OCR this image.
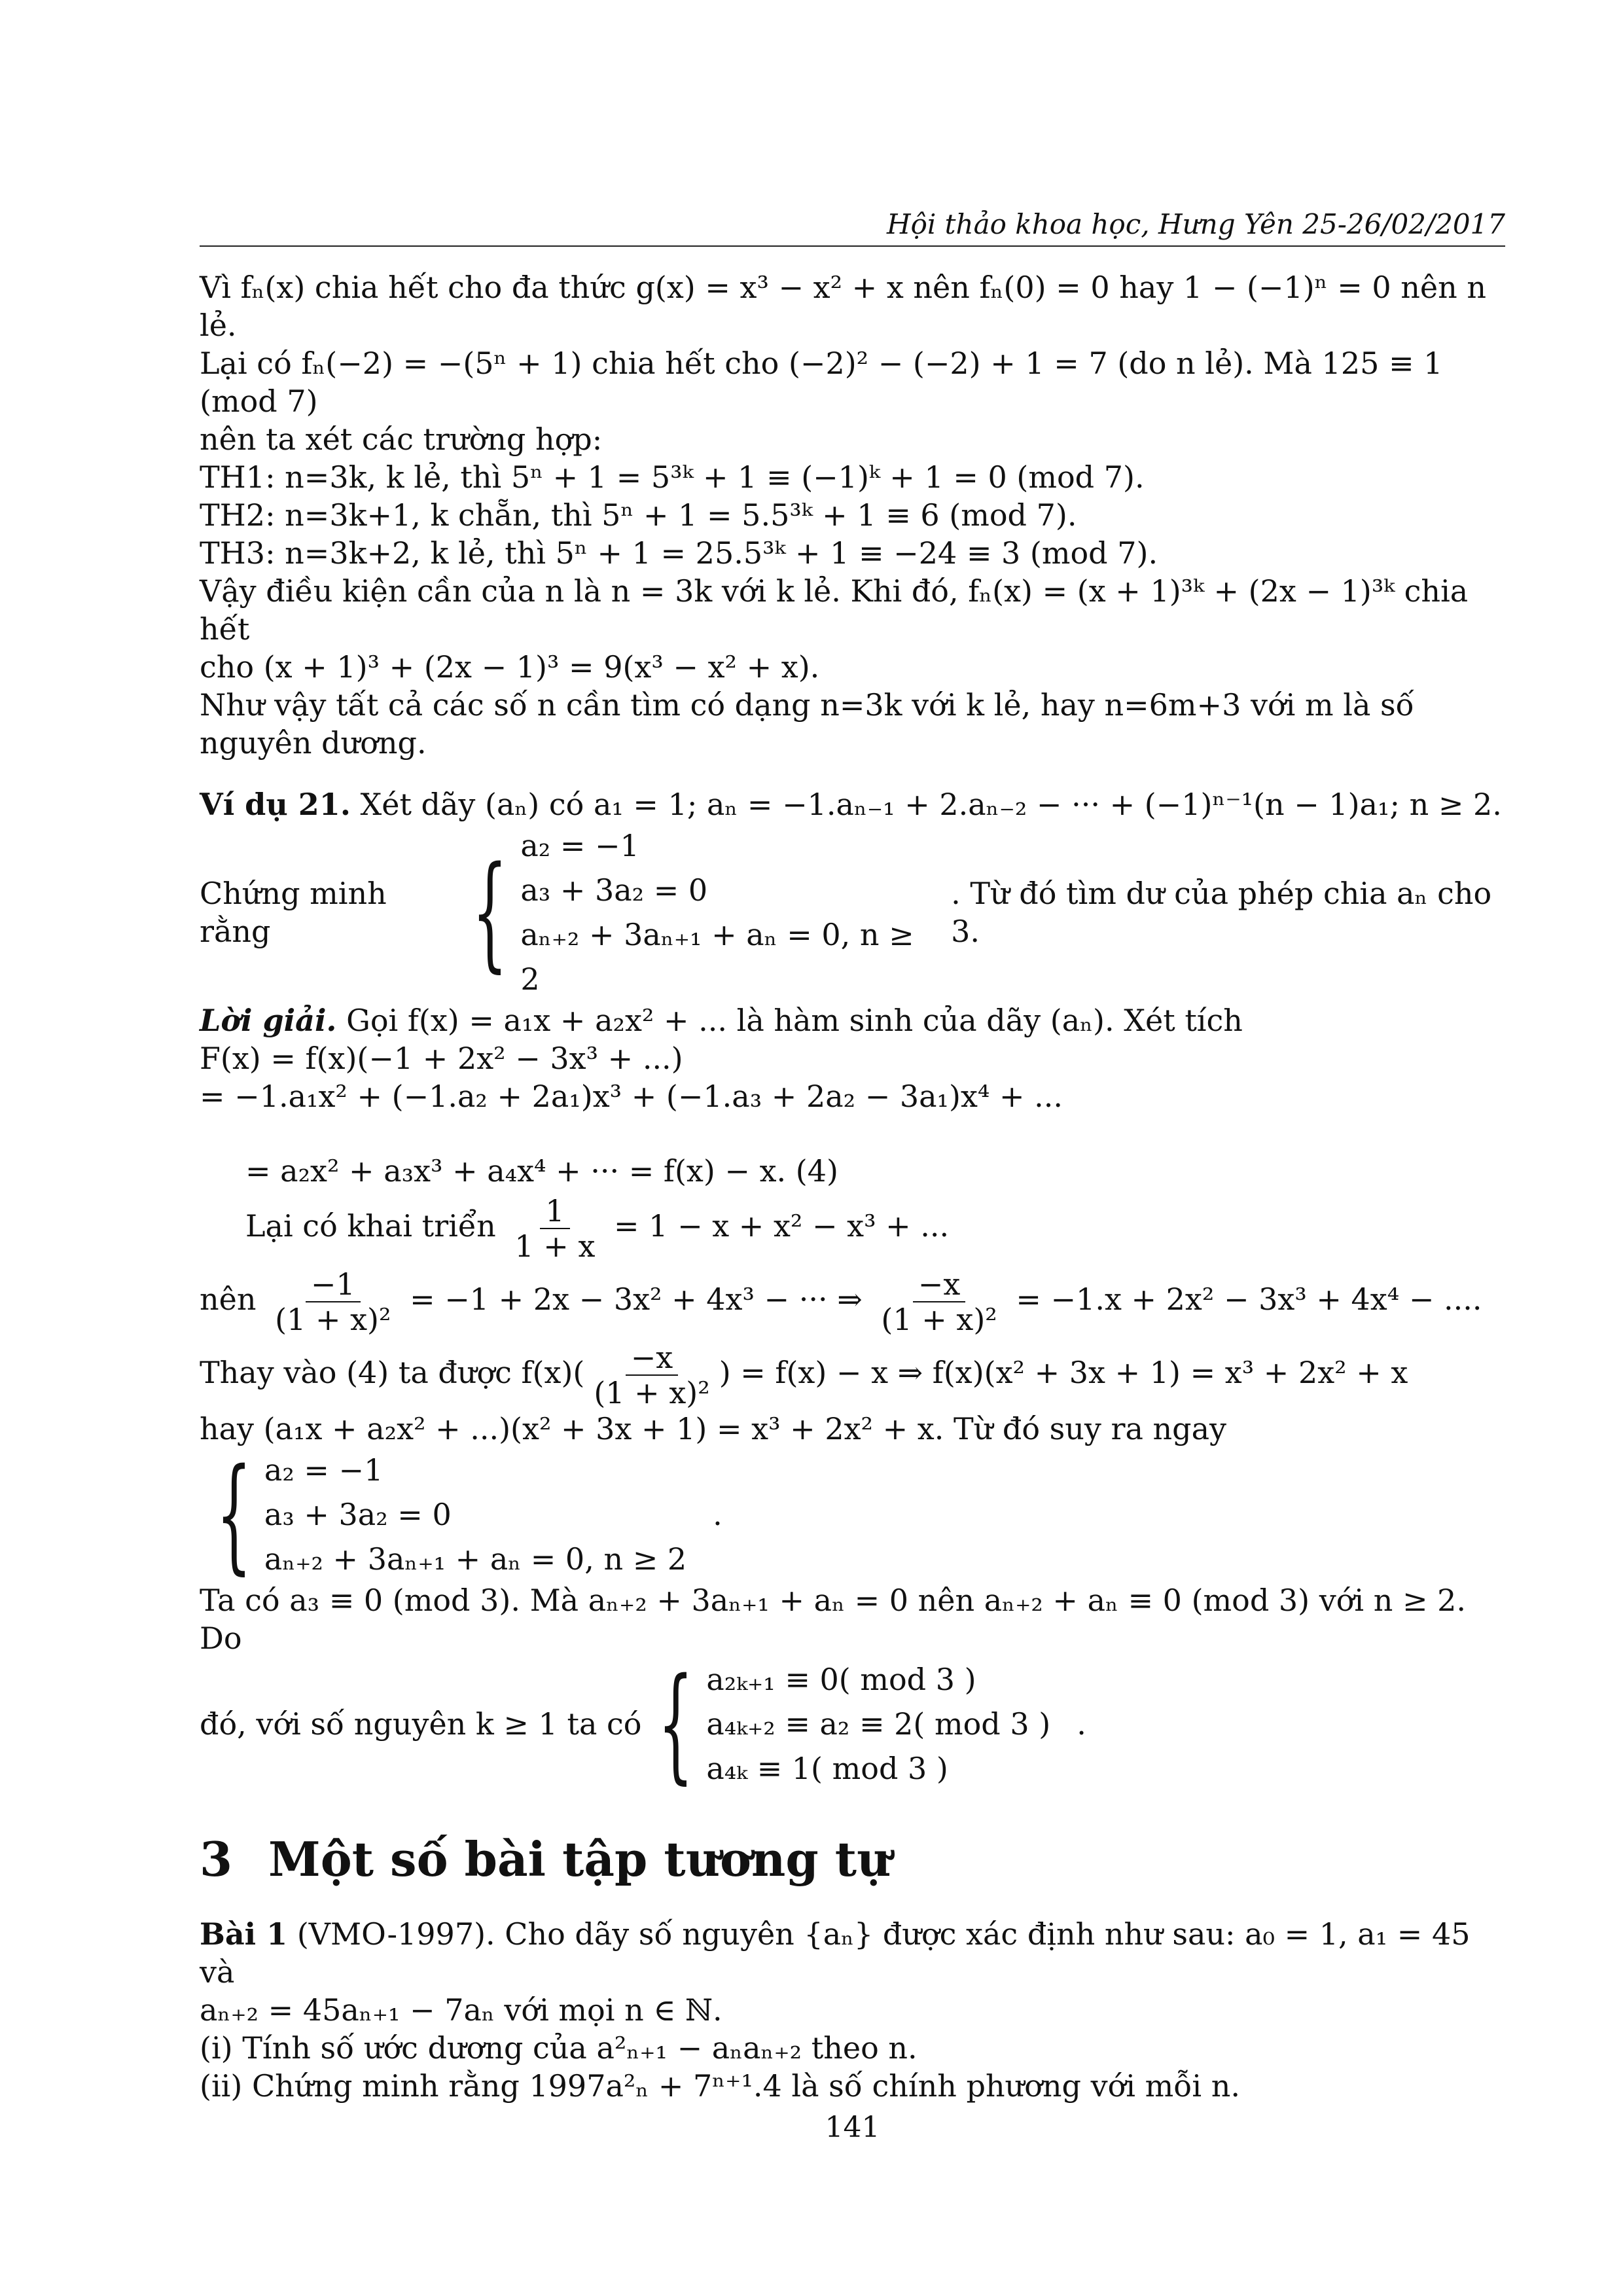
Hội thảo khoa học, Hưng Yên 25-26/02/2017

Vì fₙ(x) chia hết cho đa thức g(x) = x³ − x² + x nên fₙ(0) = 0 hay 1 − (−1)ⁿ = 0 nên n lẻ.

Lại có fₙ(−2) = −(5ⁿ + 1) chia hết cho (−2)² − (−2) + 1 = 7 (do n lẻ). Mà 125 ≡ 1 (mod 7)

nên ta xét các trường hợp:

TH1: n=3k, k lẻ, thì 5ⁿ + 1 = 5³ᵏ + 1 ≡ (−1)ᵏ + 1 = 0 (mod 7).

TH2: n=3k+1, k chẵn, thì 5ⁿ + 1 = 5.5³ᵏ + 1 ≡ 6 (mod 7).

TH3: n=3k+2, k lẻ, thì 5ⁿ + 1 = 25.5³ᵏ + 1 ≡ −24 ≡ 3 (mod 7).

Vậy điều kiện cần của n là n = 3k với k lẻ. Khi đó, fₙ(x) = (x + 1)³ᵏ + (2x − 1)³ᵏ chia hết

cho (x + 1)³ + (2x − 1)³ = 9(x³ − x² + x).

Như vậy tất cả các số n cần tìm có dạng n=3k với k lẻ, hay n=6m+3 với m là số nguyên dương.

Ví dụ 21. Xét dãy (aₙ) có a₁ = 1; aₙ = −1.aₙ₋₁ + 2.aₙ₋₂ − ··· + (−1)ⁿ⁻¹(n − 1)a₁; n ≥ 2.

Chứng minh rằng	{ a₂ = −1
a₃ + 3a₂ = 0
aₙ₊₂ + 3aₙ₊₁ + aₙ = 0, n ≥ 2
. Từ đó tìm dư của phép chia aₙ cho 3.

Lời giải. Gọi f(x) = a₁x + a₂x² + ... là hàm sinh của dãy (aₙ). Xét tích

F(x) = f(x)(−1 + 2x² − 3x³ + ...)

= −1.a₁x² + (−1.a₂ + 2a₁)x³ + (−1.a₃ + 2a₂ − 3a₁)x⁴ + ...

= a₂x² + a₃x³ + a₄x⁴ + ··· = f(x) − x. (4)

Lại có khai triển $\frac{1}{1 + x} = 1 - x + x^2 - x^3$ + ...

nên $\frac{-1}{\text{(1 + x)²}} = -1 + 2x - 3x^2 + 4x^3$ − ··· ⇒ $\frac{-x}{\text{(1 + x)²}} = -1.x + 2x^2 - 3x^3 + 4x^4$ − ....

Thay vào (4) ta được $f(x)( \frac{-x}{\text{(1 + x)²}}$ ) = f(x) − x ⇒ f(x)(x² + 3x + 1) = x³ + 2x² + x

hay (a₁x + a₂x² + ...)(x² + 3x + 1) = x³ + 2x² + x. Từ đó suy ra ngay

{ a₂ = −1
a₃ + 3a₂ = 0
aₙ₊₂ + 3aₙ₊₁ + aₙ = 0, n ≥ 2
.

Ta có a₃ ≡ 0 (mod 3). Mà aₙ₊₂ + 3aₙ₊₁ + aₙ = 0 nên aₙ₊₂ + aₙ ≡ 0 (mod 3) với n ≥ 2. Do

đó, với số nguyên k ≥ 1 ta có { a₂ₖ₊₁ ≡ 0( mod 3 )
a₄ₖ₊₂ ≡ a₂ ≡ 2( mod 3 )
a₄ₖ ≡ 1( mod 3 )
.
3 Một số bài tập tương tự

Bài 1 (VMO-1997). Cho dãy số nguyên {aₙ} được xác định như sau: a₀ = 1, a₁ = 45 và

aₙ₊₂ = 45aₙ₊₁ − 7aₙ với mọi n ∈ ℕ.

(i) Tính số ước dương của a²ₙ₊₁ − aₙaₙ₊₂ theo n.

(ii) Chứng minh rằng 1997a²ₙ + 7ⁿ⁺¹.4 là số chính phương với mỗi n.

141
